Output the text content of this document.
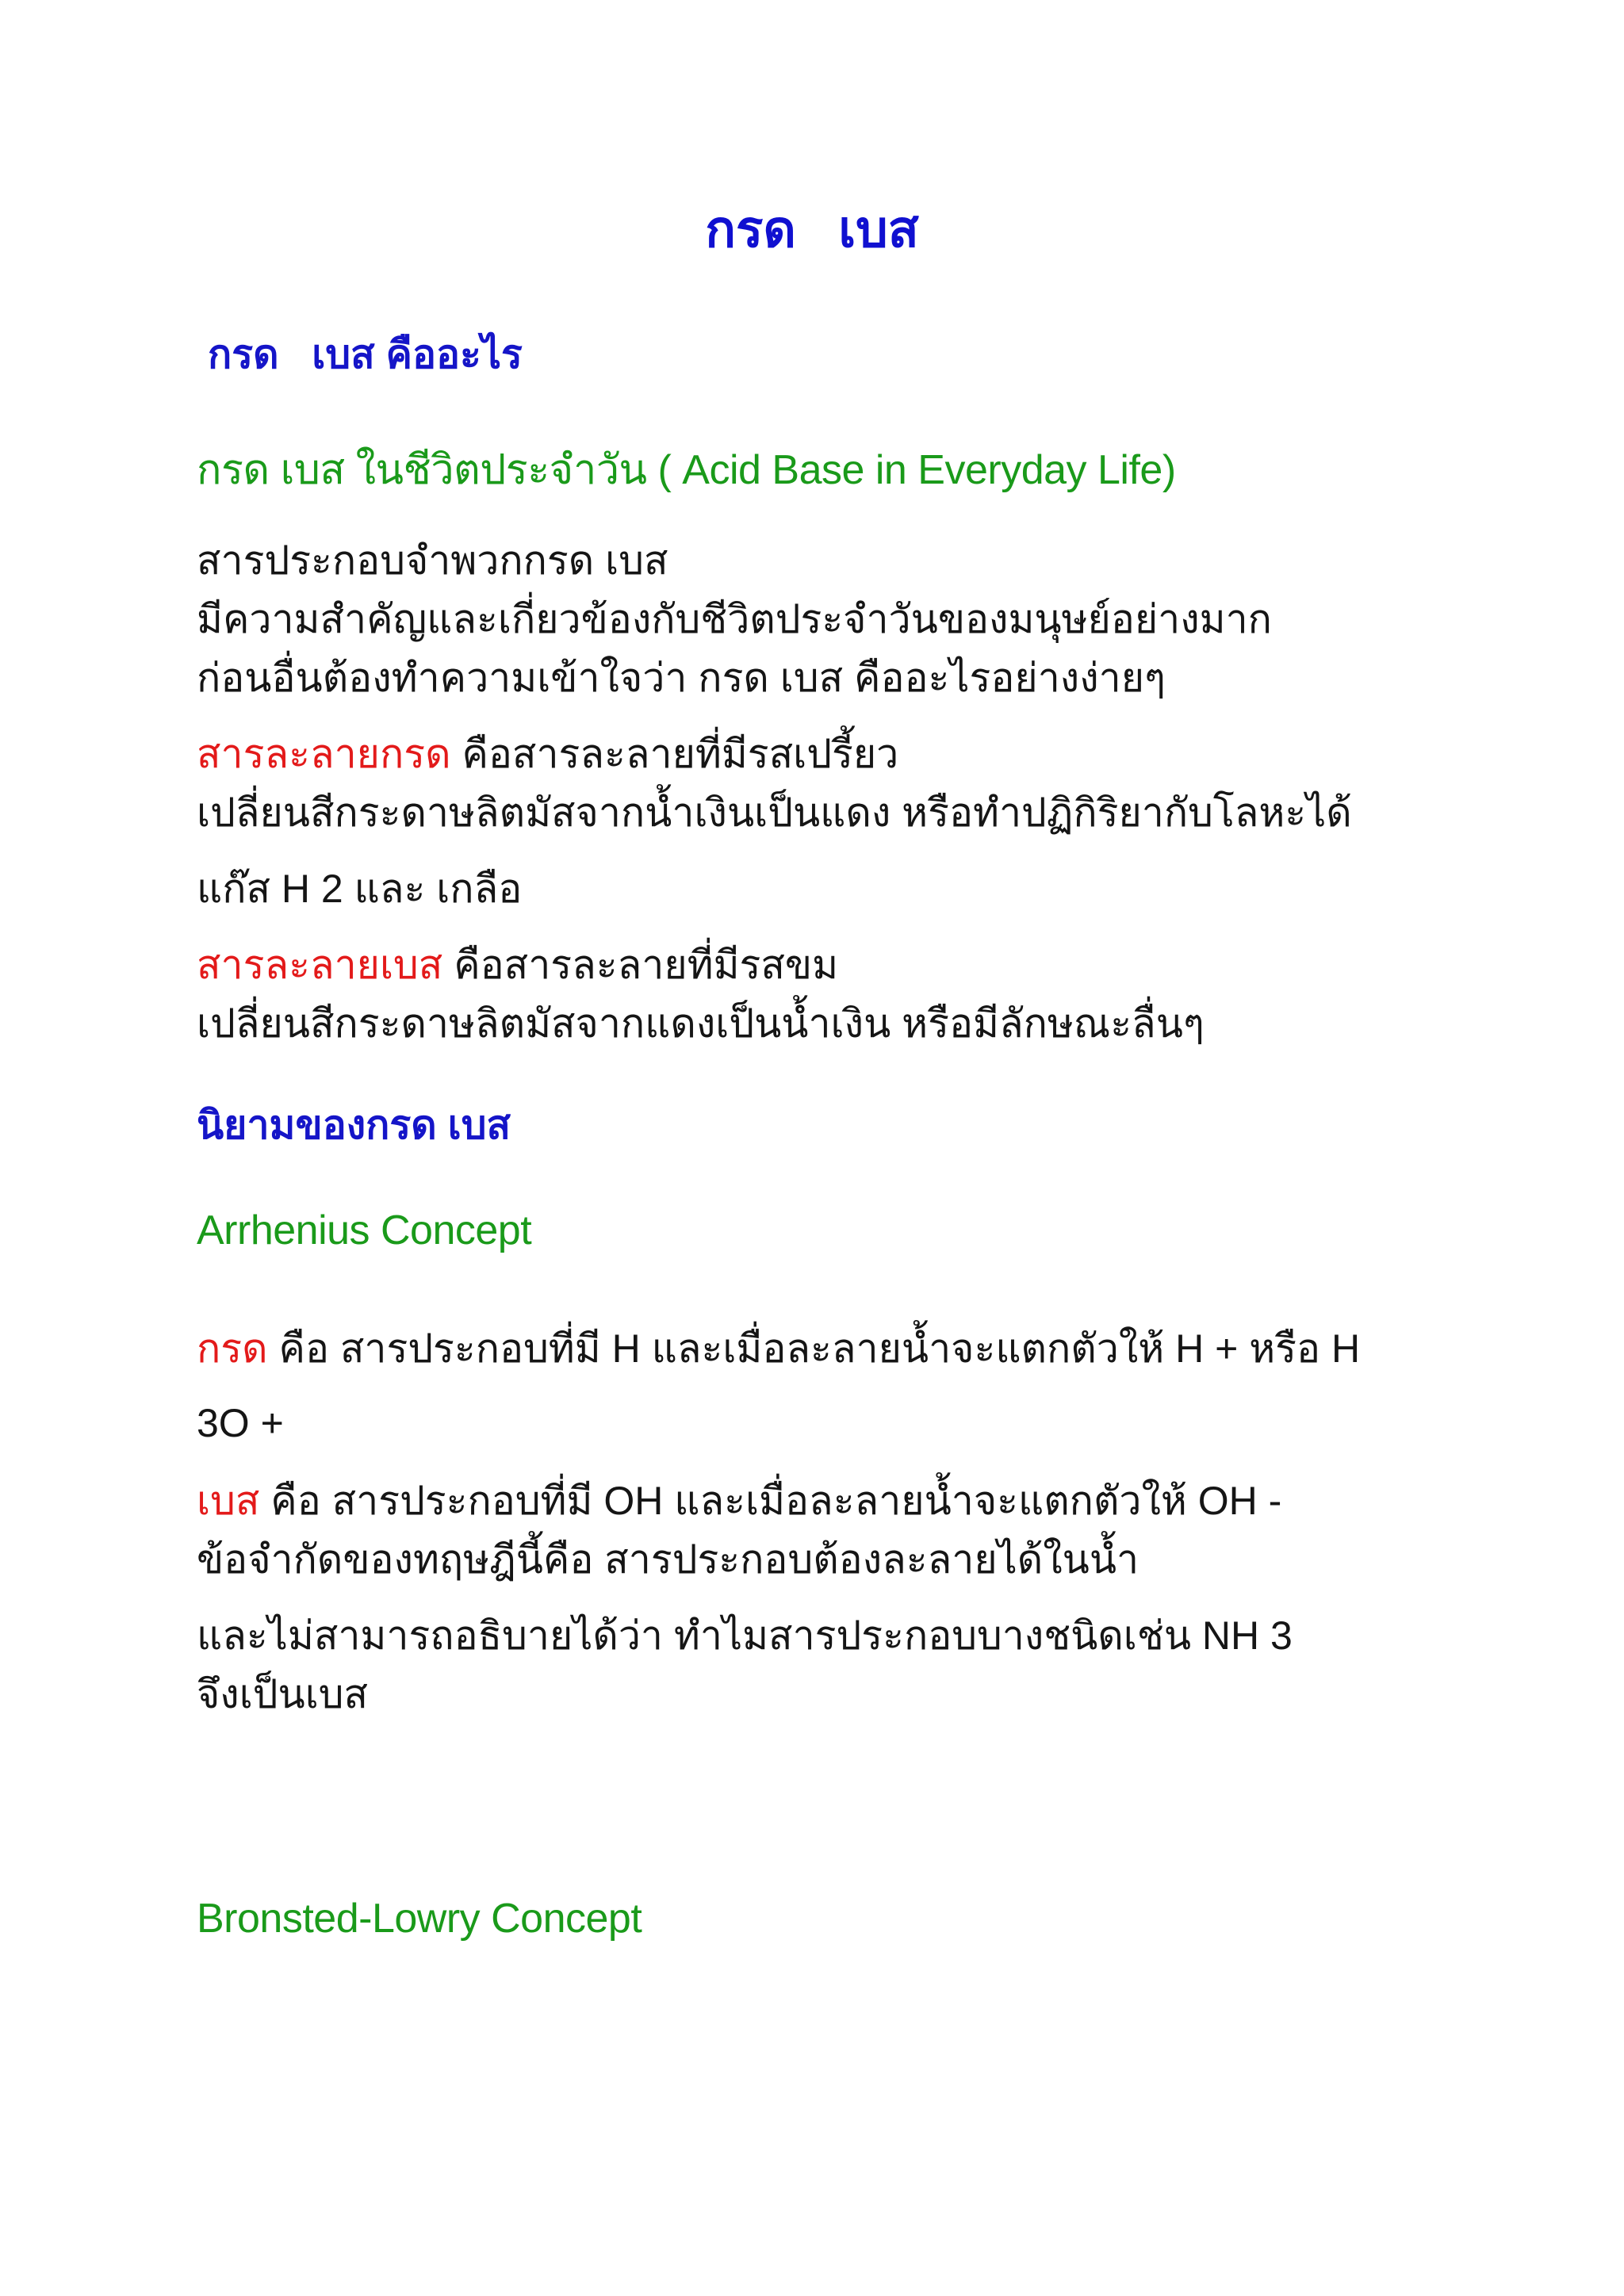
กรด   เบส
กรด   เบส คืออะไร
กรด เบส ในชีวิตประจำวัน ( Acid Base in Everyday Life)
สารประกอบจำพวกกรด เบส
มีความสำคัญและเกี่ยวข้องกับชีวิตประจำวันของมนุษย์อย่างมาก
ก่อนอื่นต้องทำความเข้าใจว่า กรด เบส คืออะไรอย่างง่ายๆ
สารละลายกรด คือสารละลายที่มีรสเปรี้ยว
เปลี่ยนสีกระดาษลิตมัสจากน้ำเงินเป็นแดง หรือทำปฏิกิริยากับโลหะได้
แก๊ส H 2 และ เกลือ
สารละลายเบส คือสารละลายที่มีรสขม
เปลี่ยนสีกระดาษลิตมัสจากแดงเป็นน้ำเงิน หรือมีลักษณะลื่นๆ
นิยามของกรด เบส
Arrhenius Concept
กรด คือ สารประกอบที่มี H และเมื่อละลายน้ำจะแตกตัวให้ H + หรือ H
3O +
เบส คือ สารประกอบที่มี OH และเมื่อละลายน้ำจะแตกตัวให้ OH -
ข้อจำกัดของทฤษฎีนี้คือ สารประกอบต้องละลายได้ในน้ำ
และไม่สามารถอธิบายได้ว่า ทำไมสารประกอบบางชนิดเช่น NH 3
จึงเป็นเบส
Bronsted-Lowry Concept
